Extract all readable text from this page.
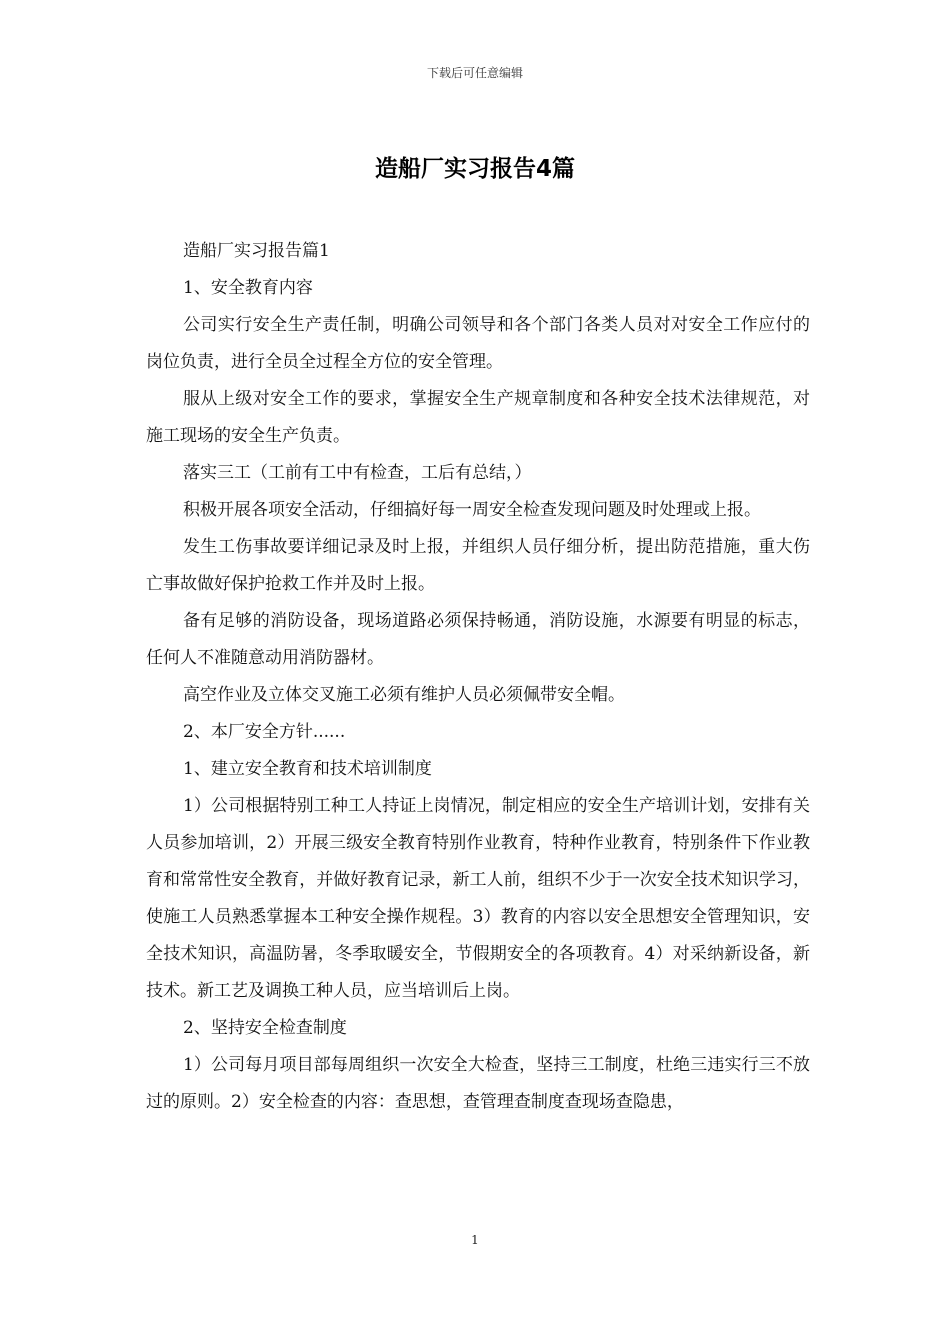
下载后可任意编辑
造船厂实习报告4篇

造船厂实习报告篇1

1、安全教育内容

公司实行安全生产责任制，明确公司领导和各个部门各类人员对对安全工作应付的岗位负责，进行全员全过程全方位的安全管理。

服从上级对安全工作的要求，掌握安全生产规章制度和各种安全技术法律规范，对施工现场的安全生产负责。

落实三工（工前有工中有检查，工后有总结，）

积极开展各项安全活动，仔细搞好每一周安全检查发现问题及时处理或上报。

发生工伤事故要详细记录及时上报，并组织人员仔细分析，提出防范措施，重大伤亡事故做好保护抢救工作并及时上报。

备有足够的消防设备，现场道路必须保持畅通，消防设施，水源要有明显的标志，任何人不准随意动用消防器材。

高空作业及立体交叉施工必须有维护人员必须佩带安全帽。

2、本厂安全方针......

1、建立安全教育和技术培训制度

1）公司根据特别工种工人持证上岗情况，制定相应的安全生产培训计划，安排有关人员参加培训，2）开展三级安全教育特别作业教育，特种作业教育，特别条件下作业教育和常常性安全教育，并做好教育记录，新工人前，组织不少于一次安全技术知识学习，使施工人员熟悉掌握本工种安全操作规程。3）教育的内容以安全思想安全管理知识，安全技术知识，高温防暑，冬季取暖安全，节假期安全的各项教育。4）对采纳新设备，新技术。新工艺及调换工种人员，应当培训后上岗。

2、坚持安全检查制度

1）公司每月项目部每周组织一次安全大检查，坚持三工制度，杜绝三违实行三不放过的原则。2）安全检查的内容：查思想，查管理查制度查现场查隐患，

1
